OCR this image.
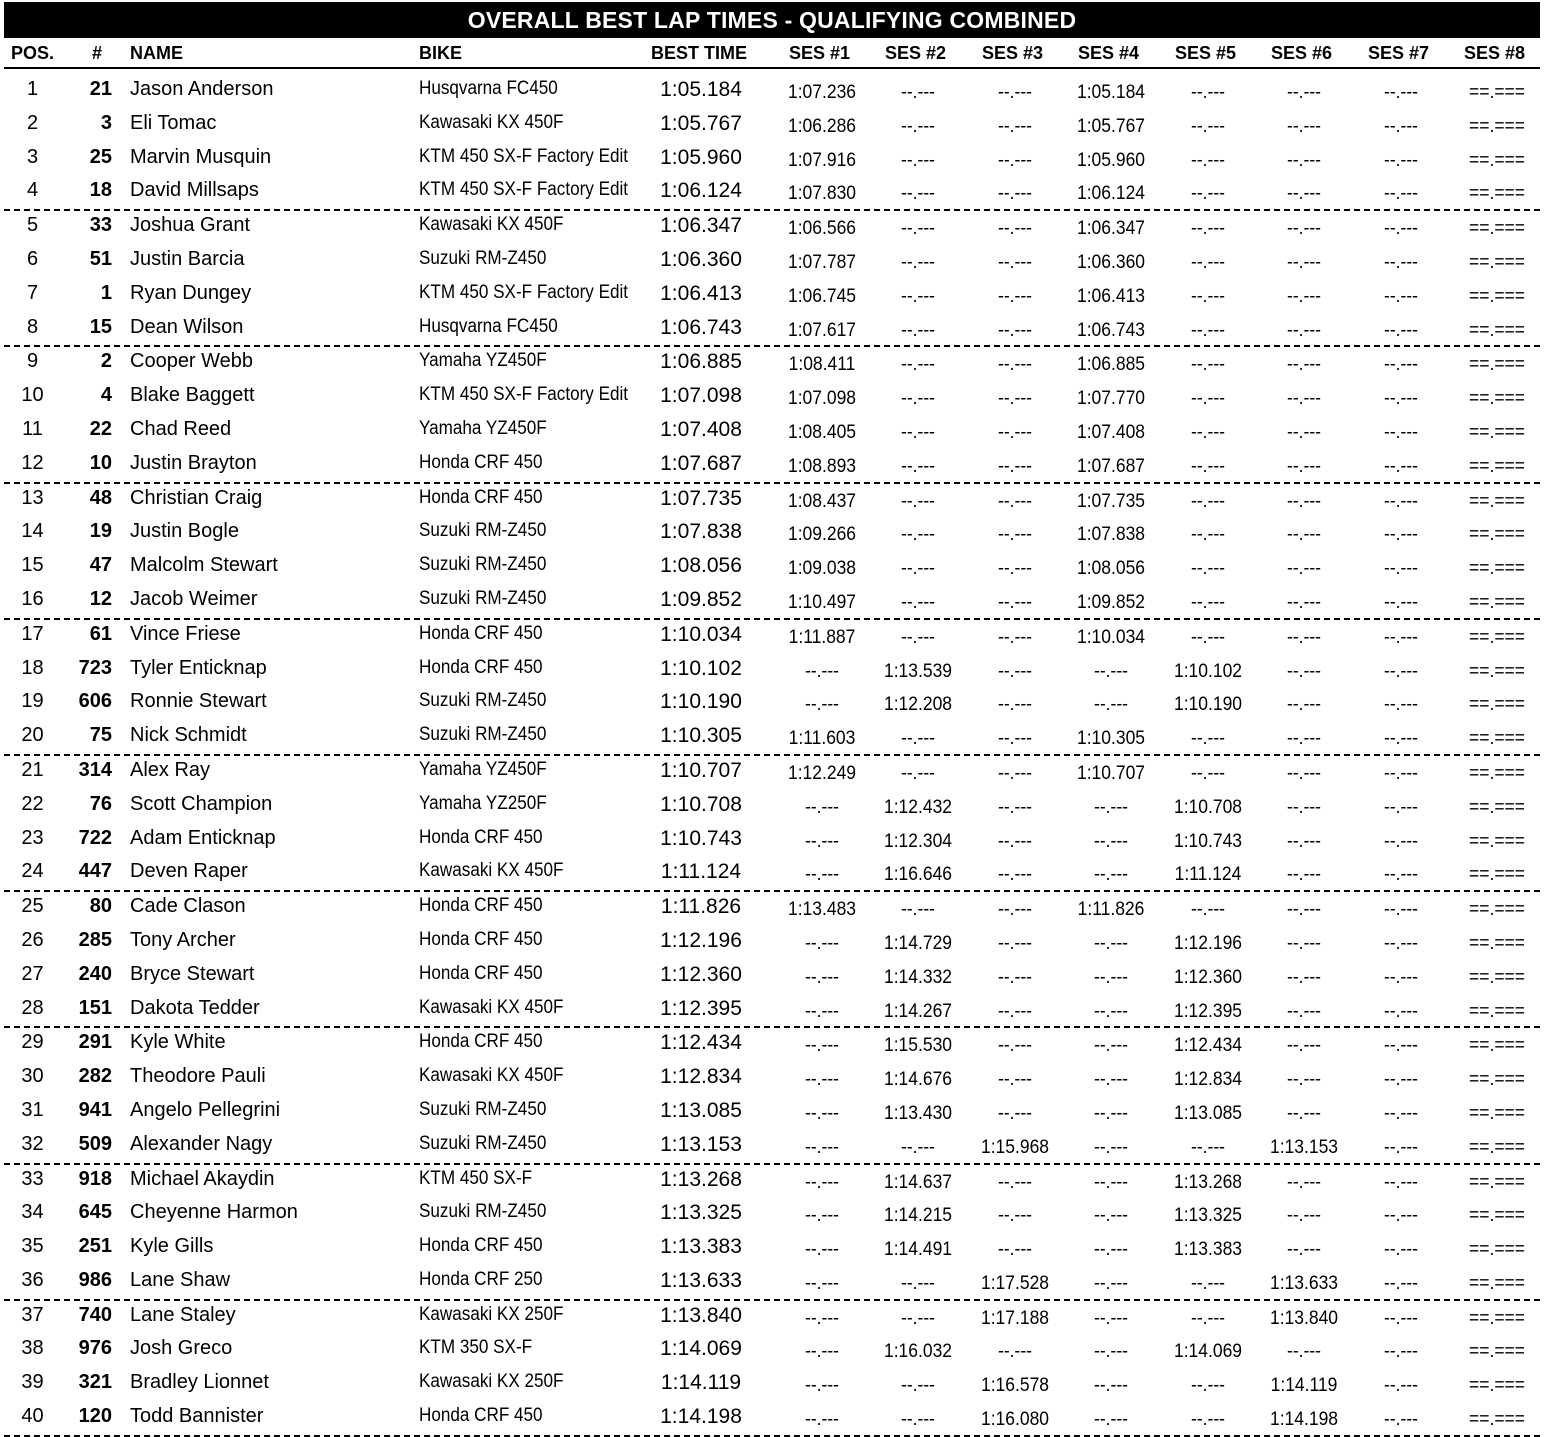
OVERALL BEST LAP TIMES - QUALIFYING COMBINED
POS. # NAME	BIKE	BEST TIME SES #1 SES #2 SES #3 SES #4 SES #5 SES #6 SES #7 SES #8
1	21 Jason Anderson	Husqvarna FC450	1:05.184	1:07.236	--.---	--.---	1:05.184	--.---	--.---	--.---	==.===
2	3 Eli Tomac	Kawasaki KX 450F	1:05.767	1:06.286	--.---	--.---	1:05.767	--.---	--.---	--.---	==.===
3	25 Marvin Musquin	KTM 450 SX-F Factory Edit	1:05.960	1:07.916	--.---	--.---	1:05.960	--.---	--.---	--.---	==.===
4	18 David Millsaps	KTM 450 SX-F Factory Edit	1:06.124	1:07.830	--.---	--.---	1:06.124	--.---	--.---	--.---	==.===
5	33 Joshua Grant	Kawasaki KX 450F	1:06.347	1:06.566	--.---	--.---	1:06.347	--.---	--.---	--.---	==.===
6	51 Justin Barcia	Suzuki RM-Z450	1:06.360	1:07.787	--.---	--.---	1:06.360	--.---	--.---	--.---	==.===
7	1 Ryan Dungey	KTM 450 SX-F Factory Edit	1:06.413	1:06.745	--.---	--.---	1:06.413	--.---	--.---	--.---	==.===
8	15 Dean Wilson	Husqvarna FC450	1:06.743	1:07.617	--.---	--.---	1:06.743	--.---	--.---	--.---	==.===
9	2 Cooper Webb	Yamaha YZ450F	1:06.885	1:08.411	--.---	--.---	1:06.885	--.---	--.---	--.---	==.===
10	4 Blake Baggett	KTM 450 SX-F Factory Edit	1:07.098	1:07.098	--.---	--.---	1:07.770	--.---	--.---	--.---	==.===
11	22 Chad Reed	Yamaha YZ450F	1:07.408	1:08.405	--.---	--.---	1:07.408	--.---	--.---	--.---	==.===
12	10 Justin Brayton	Honda CRF 450	1:07.687	1:08.893	--.---	--.---	1:07.687	--.---	--.---	--.---	==.===
13	48 Christian Craig	Honda CRF 450	1:07.735	1:08.437	--.---	--.---	1:07.735	--.---	--.---	--.---	==.===
14	19 Justin Bogle	Suzuki RM-Z450	1:07.838	1:09.266	--.---	--.---	1:07.838	--.---	--.---	--.---	==.===
15	47 Malcolm Stewart	Suzuki RM-Z450	1:08.056	1:09.038	--.---	--.---	1:08.056	--.---	--.---	--.---	==.===
16	12 Jacob Weimer	Suzuki RM-Z450	1:09.852	1:10.497	--.---	--.---	1:09.852	--.---	--.---	--.---	==.===
17	61 Vince Friese	Honda CRF 450	1:10.034	1:11.887	--.---	--.---	1:10.034	--.---	--.---	--.---	==.===
18	723 Tyler Enticknap	Honda CRF 450	1:10.102	--.---	1:13.539	--.---	--.---	1:10.102	--.---	--.---	==.===
19	606 Ronnie Stewart	Suzuki RM-Z450	1:10.190	--.---	1:12.208	--.---	--.---	1:10.190	--.---	--.---	==.===
20	75 Nick Schmidt	Suzuki RM-Z450	1:10.305	1:11.603	--.---	--.---	1:10.305	--.---	--.---	--.---	==.===
21	314 Alex Ray	Yamaha YZ450F	1:10.707	1:12.249	--.---	--.---	1:10.707	--.---	--.---	--.---	==.===
22	76 Scott Champion	Yamaha YZ250F	1:10.708	--.---	1:12.432	--.---	--.---	1:10.708	--.---	--.---	==.===
23	722 Adam Enticknap	Honda CRF 450	1:10.743	--.---	1:12.304	--.---	--.---	1:10.743	--.---	--.---	==.===
24	447 Deven Raper	Kawasaki KX 450F	1:11.124	--.---	1:16.646	--.---	--.---	1:11.124	--.---	--.---	==.===
25	80 Cade Clason	Honda CRF 450	1:11.826	1:13.483	--.---	--.---	1:11.826	--.---	--.---	--.---	==.===
26	285 Tony Archer	Honda CRF 450	1:12.196	--.---	1:14.729	--.---	--.---	1:12.196	--.---	--.---	==.===
27	240 Bryce Stewart	Honda CRF 450	1:12.360	--.---	1:14.332	--.---	--.---	1:12.360	--.---	--.---	==.===
28	151 Dakota Tedder	Kawasaki KX 450F	1:12.395	--.---	1:14.267	--.---	--.---	1:12.395	--.---	--.---	==.===
29	291 Kyle White	Honda CRF 450	1:12.434	--.---	1:15.530	--.---	--.---	1:12.434	--.---	--.---	==.===
30	282 Theodore Pauli	Kawasaki KX 450F	1:12.834	--.---	1:14.676	--.---	--.---	1:12.834	--.---	--.---	==.===
31	941 Angelo Pellegrini	Suzuki RM-Z450	1:13.085	--.---	1:13.430	--.---	--.---	1:13.085	--.---	--.---	==.===
32	509 Alexander Nagy	Suzuki RM-Z450	1:13.153	--.---	--.---	1:15.968	--.---	--.---	1:13.153	--.---	==.===
33	918 Michael Akaydin	KTM 450 SX-F	1:13.268	--.---	1:14.637	--.---	--.---	1:13.268	--.---	--.---	==.===
34	645 Cheyenne Harmon	Suzuki RM-Z450	1:13.325	--.---	1:14.215	--.---	--.---	1:13.325	--.---	--.---	==.===
35	251 Kyle Gills	Honda CRF 450	1:13.383	--.---	1:14.491	--.---	--.---	1:13.383	--.---	--.---	==.===
36	986 Lane Shaw	Honda CRF 250	1:13.633	--.---	--.---	1:17.528	--.---	--.---	1:13.633	--.---	==.===
37	740 Lane Staley	Kawasaki KX 250F	1:13.840	--.---	--.---	1:17.188	--.---	--.---	1:13.840	--.---	==.===
38	976 Josh Greco	KTM 350 SX-F	1:14.069	--.---	1:16.032	--.---	--.---	1:14.069	--.---	--.---	==.===
39	321 Bradley Lionnet	Kawasaki KX 250F	1:14.119	--.---	--.---	1:16.578	--.---	--.---	1:14.119	--.---	==.===
40	120 Todd Bannister	Honda CRF 450	1:14.198	--.---	--.---	1:16.080	--.---	--.---	1:14.198	--.---	==.===
